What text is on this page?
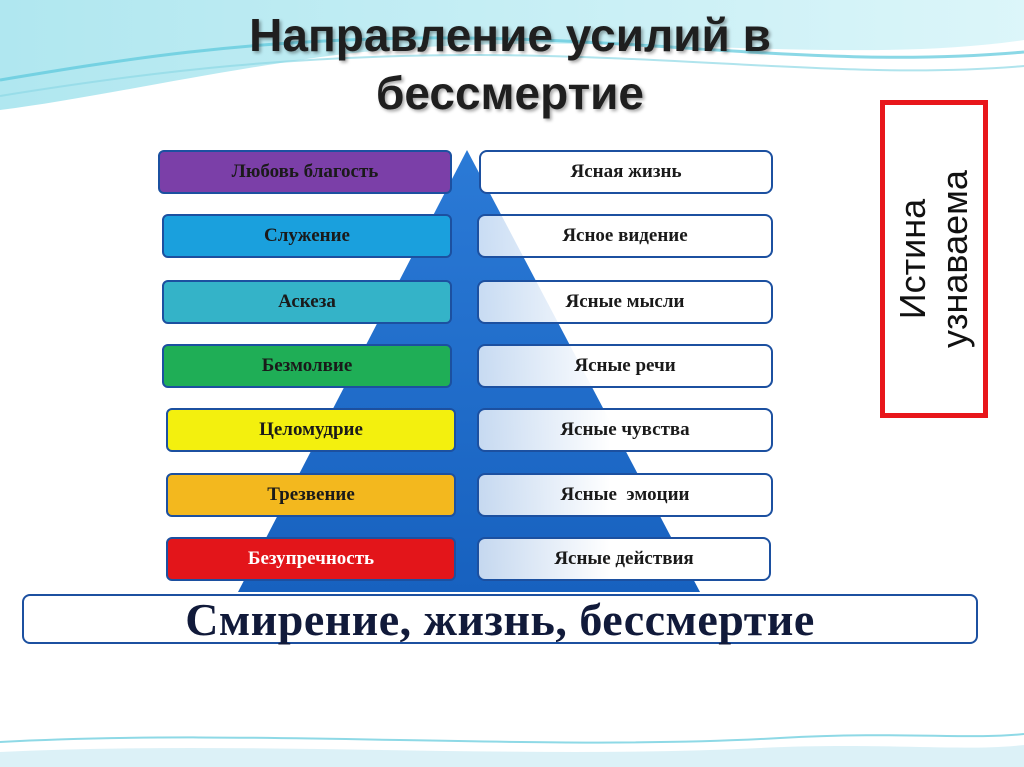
Направление усилий в бессмертие
Любовь благость
Служение
Аскеза
Безмолвие
Целомудрие
Трезвение
Безупречность
Ясная жизнь
Ясное видение
Ясные мысли
Ясные речи
Ясные чувства
Ясные  эмоции
Ясные действия
Смирение, жизнь, бессмертие
Истина узнаваема
